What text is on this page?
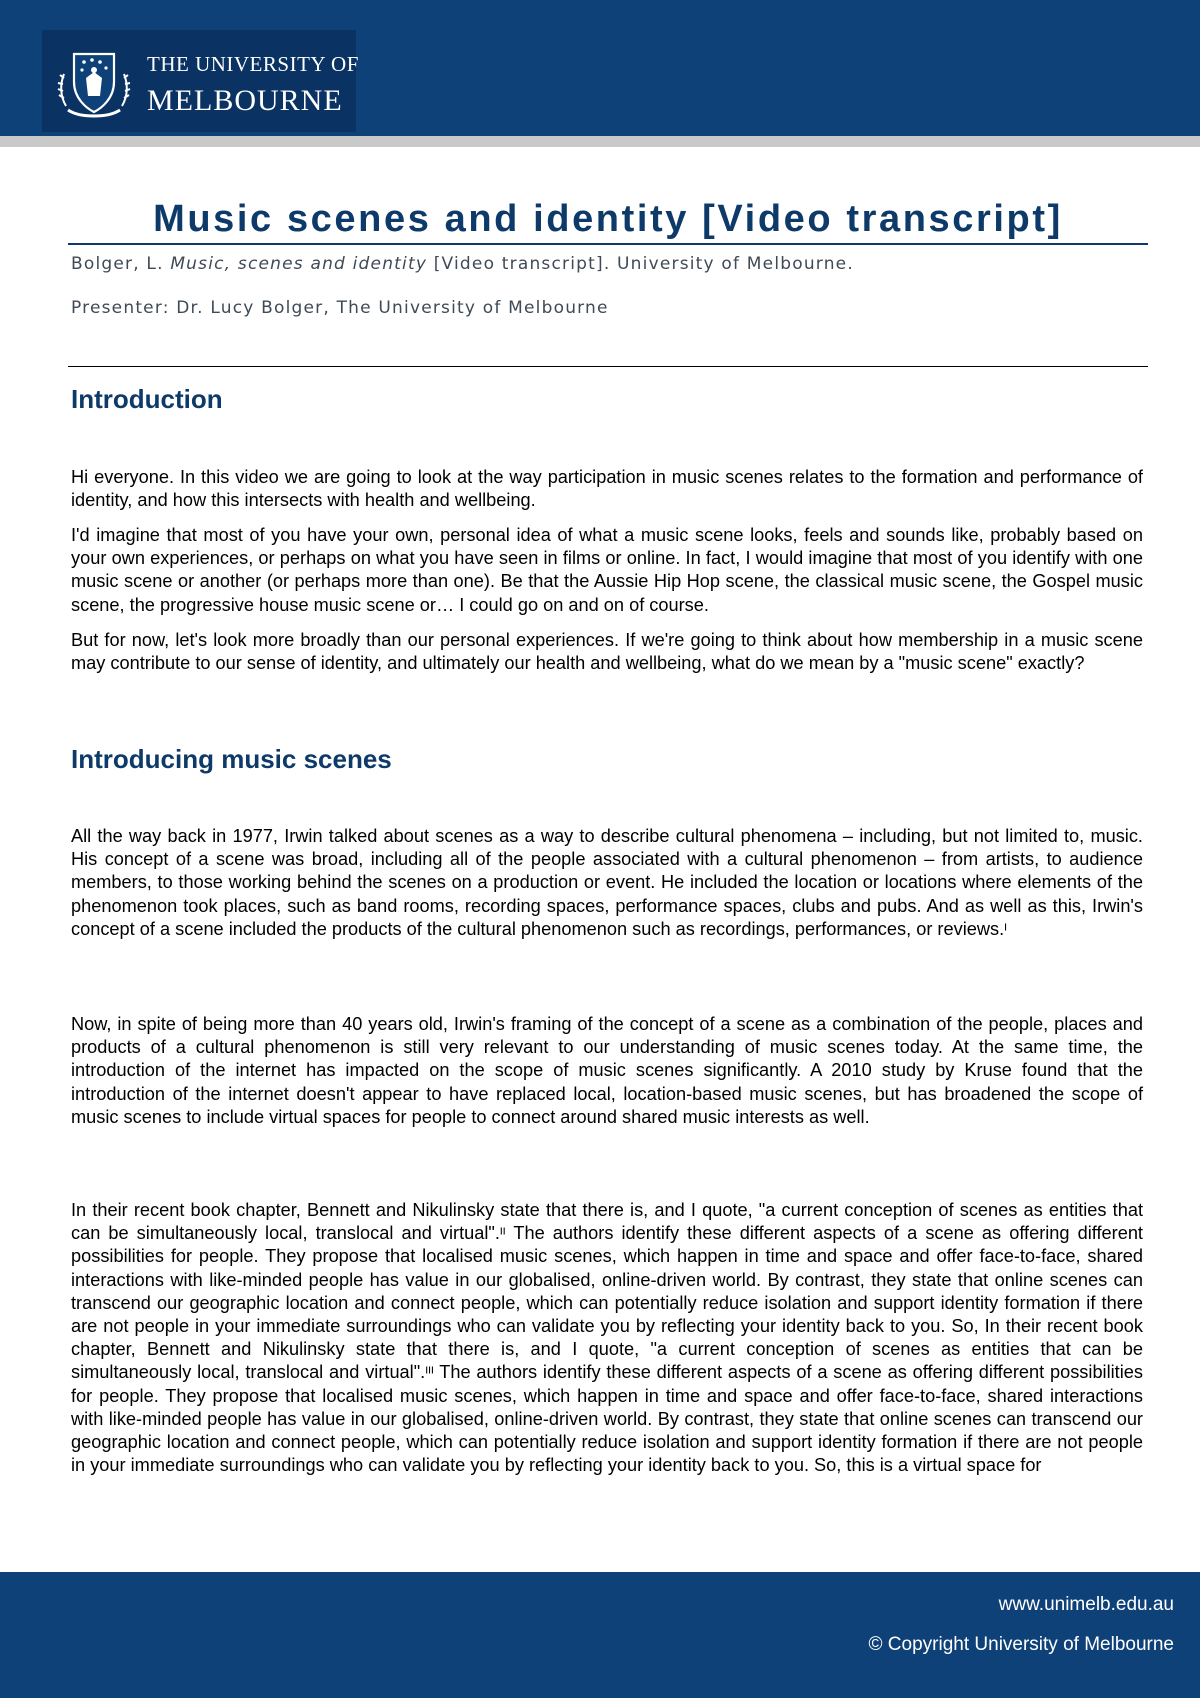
THE UNIVERSITY OF
MELBOURNE
Music scenes and identity [Video transcript]

Bolger, L. Music, scenes and identity [Video transcript]. University of Melbourne.

Presenter: Dr. Lucy Bolger, The University of Melbourne

Introduction

Hi everyone. In this video we are going to look at the way participation in music scenes relates to the formation and performance of identity, and how this intersects with health and wellbeing.

I'd imagine that most of you have your own, personal idea of what a music scene looks, feels and sounds like, probably based on your own experiences, or perhaps on what you have seen in films or online. In fact, I would imagine that most of you identify with one music scene or another (or perhaps more than one). Be that the Aussie Hip Hop scene, the classical music scene, the Gospel music scene, the progressive house music scene or… I could go on and on of course.

But for now, let's look more broadly than our personal experiences. If we're going to think about how membership in a music scene may contribute to our sense of identity, and ultimately our health and wellbeing, what do we mean by a "music scene" exactly?

Introducing music scenes

All the way back in 1977, Irwin talked about scenes as a way to describe cultural phenomena – including, but not limited to, music. His concept of a scene was broad, including all of the people associated with a cultural phenomenon – from artists, to audience members, to those working behind the scenes on a production or event. He included the location or locations where elements of the phenomenon took places, such as band rooms, recording spaces, performance spaces, clubs and pubs. And as well as this, Irwin's concept of a scene included the products of the cultural phenomenon such as recordings, performances, or reviews.ᶦ

Now, in spite of being more than 40 years old, Irwin's framing of the concept of a scene as a combination of the people, places and products of a cultural phenomenon is still very relevant to our understanding of music scenes today. At the same time, the introduction of the internet has impacted on the scope of music scenes significantly. A 2010 study by Kruse found that the introduction of the internet doesn't appear to have replaced local, location-based music scenes, but has broadened the scope of music scenes to include virtual spaces for people to connect around shared music interests as well.

In their recent book chapter, Bennett and Nikulinsky state that there is, and I quote, "a current conception of scenes as entities that can be simultaneously local, translocal and virtual".ᶦᶦ The authors identify these different aspects of a scene as offering different possibilities for people. They propose that localised music scenes, which happen in time and space and offer face-to-face, shared interactions with like-minded people has value in our globalised, online-driven world. By contrast, they state that online scenes can transcend our geographic location and connect people, which can potentially reduce isolation and support identity formation if there are not people in your immediate surroundings who can validate you by reflecting your identity back to you. So, In their recent book chapter, Bennett and Nikulinsky state that there is, and I quote, "a current conception of scenes as entities that can be simultaneously local, translocal and virtual".ᶦᶦᶦ The authors identify these different aspects of a scene as offering different possibilities for people. They propose that localised music scenes, which happen in time and space and offer face-to-face, shared interactions with like-minded people has value in our globalised, online-driven world. By contrast, they state that online scenes can transcend our geographic location and connect people, which can potentially reduce isolation and support identity formation if there are not people in your immediate surroundings who can validate you by reflecting your identity back to you. So, this is a virtual space for

www.unimelb.edu.au
© Copyright University of Melbourne
